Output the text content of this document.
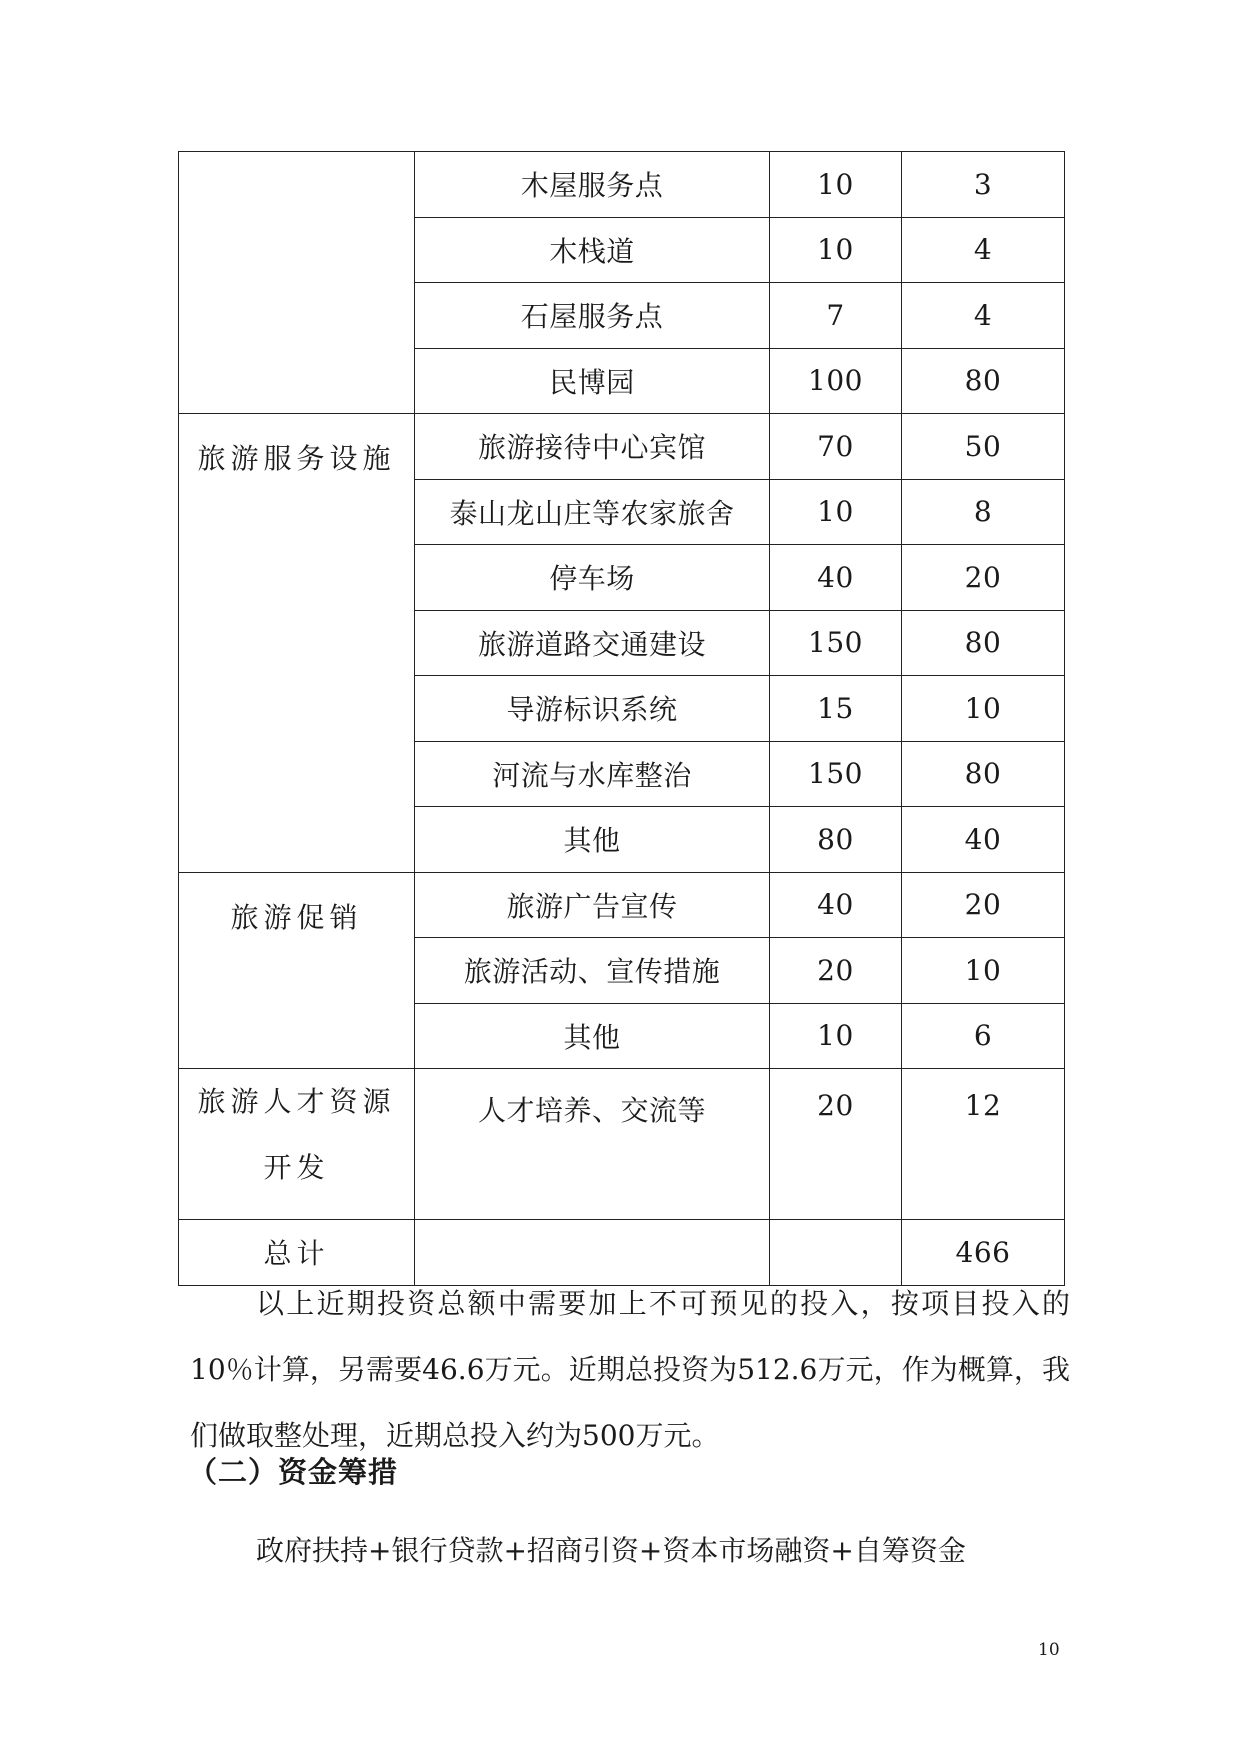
	木屋服务点	10	3
	木栈道	10	4
	石屋服务点	7	4
	民博园	100	80

旅游服务设施	旅游接待中心宾馆	70	50
	泰山龙山庄等农家旅舍	10	8
	停车场	40	20
	旅游道路交通建设	150	80
	导游标识系统	15	10
	河流与水库整治	150	80
	其他	80	40

旅游促销	旅游广告宣传	40	20
	旅游活动、宣传措施	20	10
	其他	10	6

旅游人才资源开发	人才培养、交流等	20	12
总计			466

以上近期投资总额中需要加上不可预见的投入，按项目投入的10％计算，另需要46.6万元。近期总投资为512.6万元，作为概算，我们做取整处理，近期总投入约为500万元。

（二）资金筹措

政府扶持+银行贷款+招商引资+资本市场融资+自筹资金

10
